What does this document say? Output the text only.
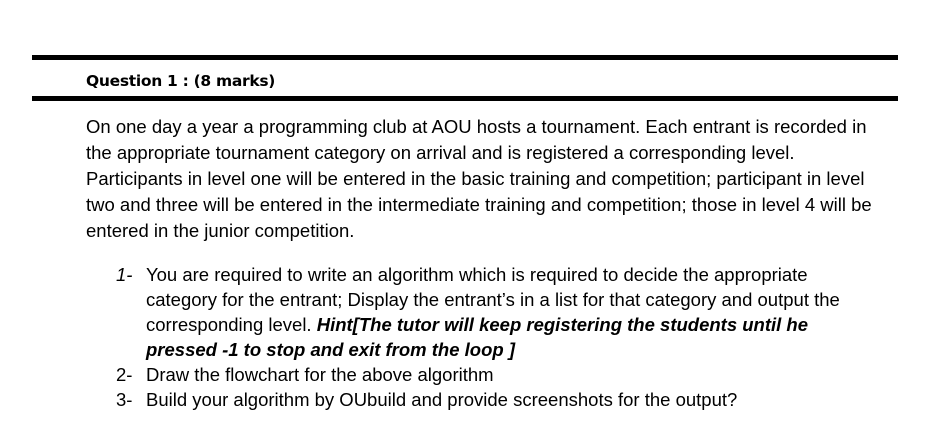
Question 1 : (8 marks)

On one day a year a programming club at AOU hosts a tournament. Each entrant is recorded in the appropriate tournament category on arrival and is registered a corresponding level. Participants in level one will be entered in the basic training and competition; participant in level two and three will be entered in the intermediate training and competition; those in level 4 will be entered in the junior competition.

1- You are required to write an algorithm which is required to decide the appropriate category for the entrant; Display the entrant’s in a list for that category and output the corresponding level. Hint[The tutor will keep registering the students until he pressed -1 to stop and exit from the loop ]
2- Draw the flowchart for the above algorithm
3- Build your algorithm by OUbuild and provide screenshots for the output?
